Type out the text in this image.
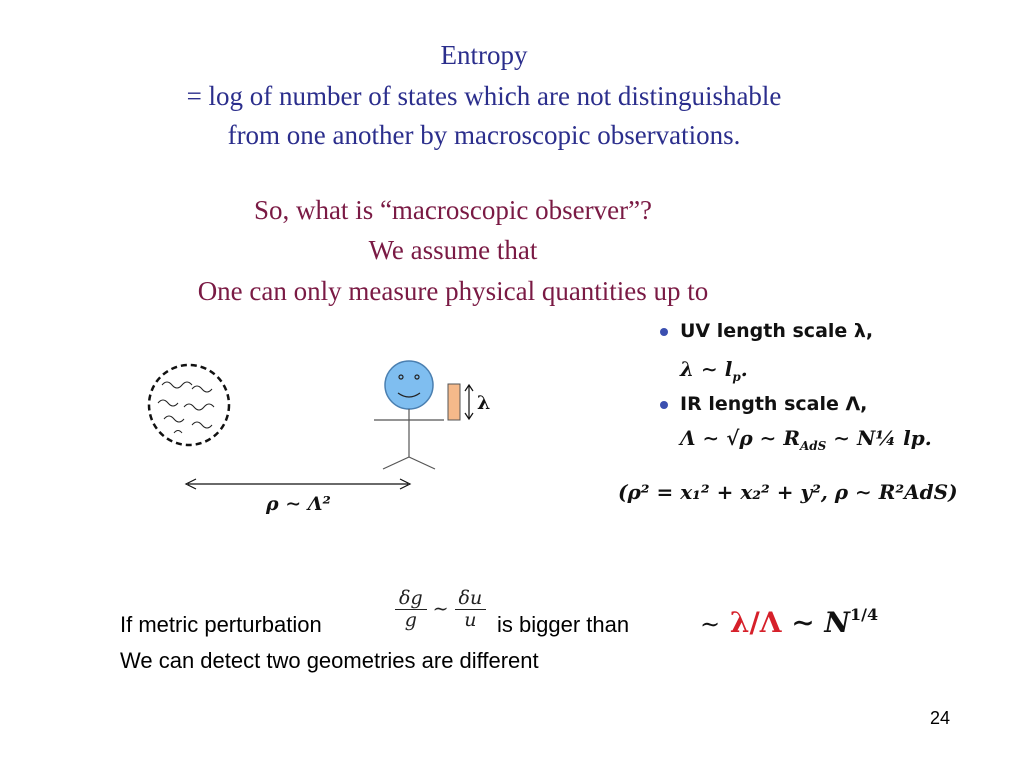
Entropy
= log of number of states which are not distinguishable
from one another by macroscopic observations.
So, what is “macroscopic observer”?
We assume that
One can only measure physical quantities up to
λ
ρ ∼ Λ²
UV length scale λ,
λ ∼ $l_p$.
IR length scale Λ,
Λ ∼ √ρ ∼ $R_{AdS}$ ∼ N¼ lp.
(ρ² = x₁² + x₂² + y², ρ ∼ R²AdS)
If metric perturbation	$\frac{\delta g}{g}$ ∼ $\frac{\delta u}{u}$ is bigger than	∼ λ/Λ ∼ $N^{1/4}$
We can detect two geometries are different
24
